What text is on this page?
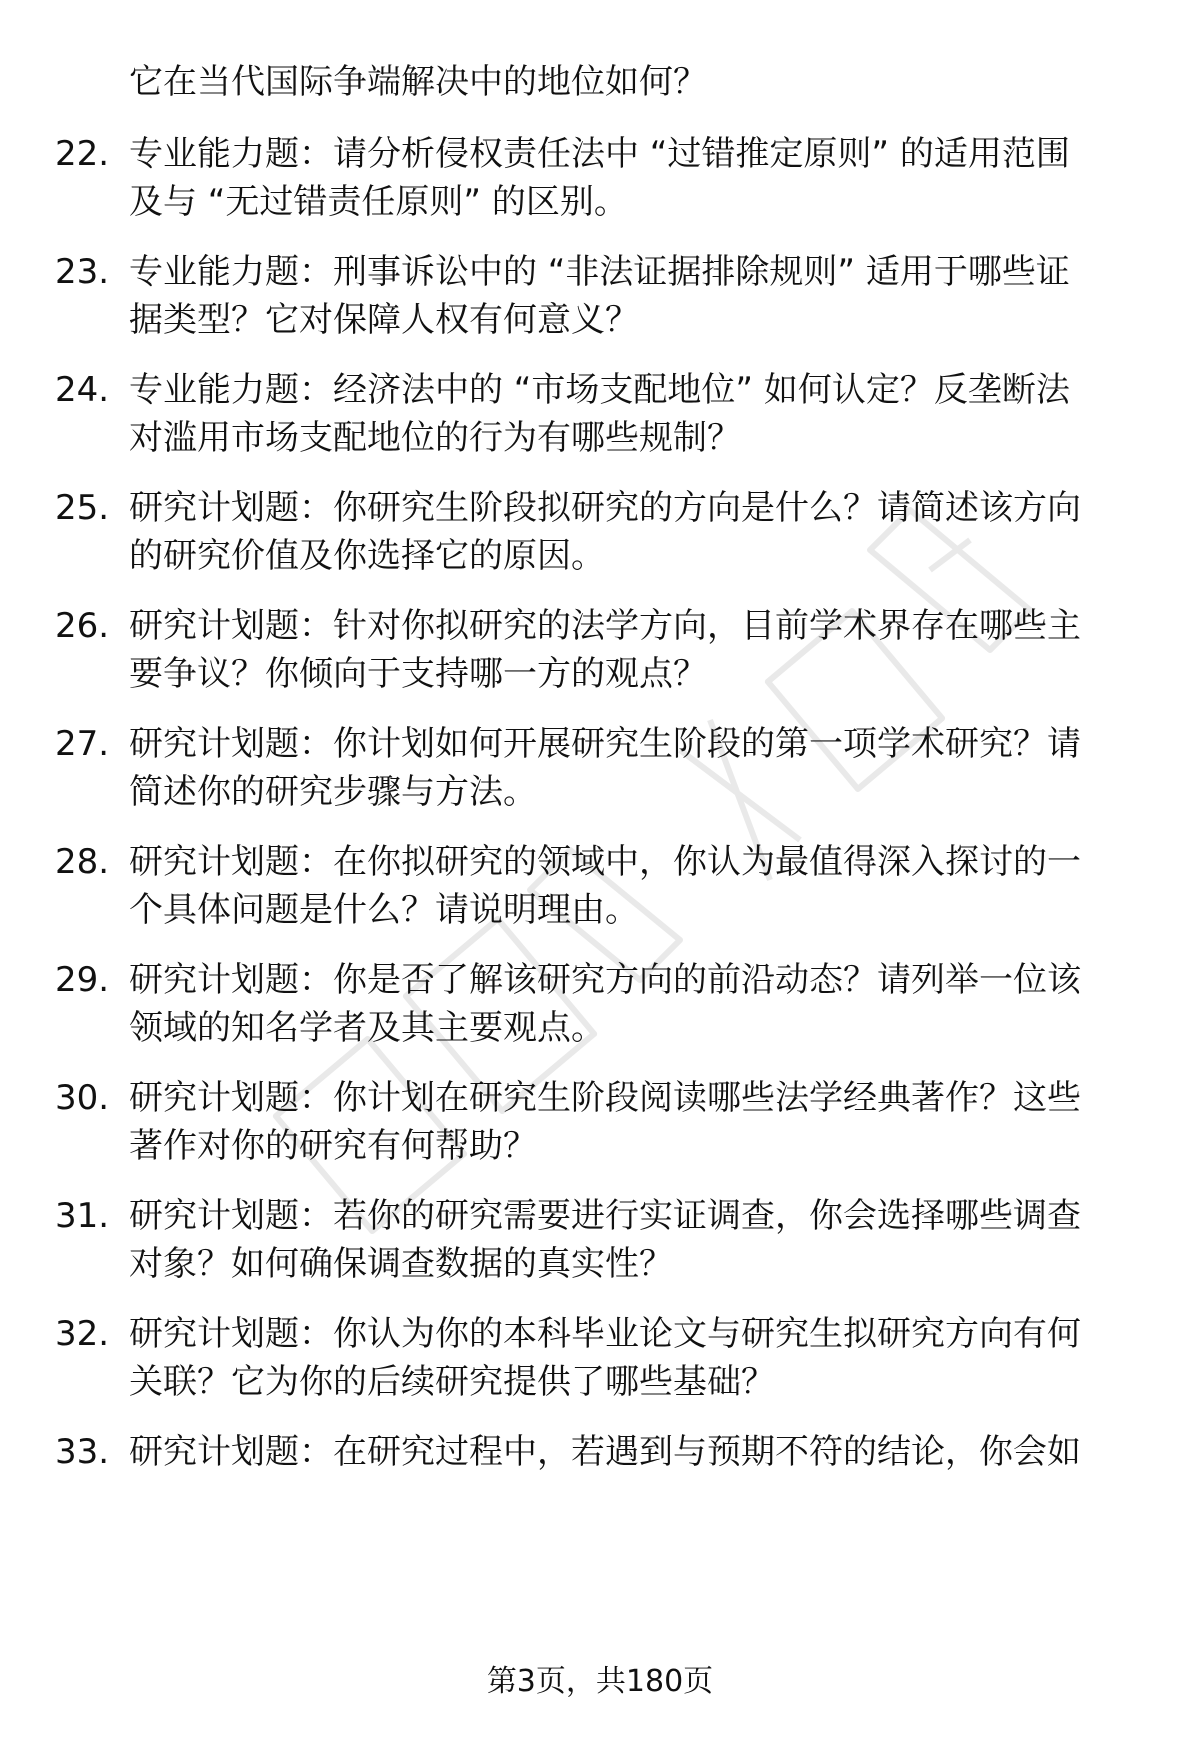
它在当代国际争端解决中的地位如何？
22. 专业能力题：请分析侵权责任法中 “过错推定原则” 的适用范围
及与 “无过错责任原则” 的区别。
23. 专业能力题：刑事诉讼中的 “非法证据排除规则” 适用于哪些证
据类型？它对保障人权有何意义？
24. 专业能力题：经济法中的 “市场支配地位” 如何认定？反垄断法
对滥用市场支配地位的行为有哪些规制？
25. 研究计划题：你研究生阶段拟研究的方向是什么？请简述该方向
的研究价值及你选择它的原因。
26. 研究计划题：针对你拟研究的法学方向，目前学术界存在哪些主
要争议？你倾向于支持哪一方的观点？
27. 研究计划题：你计划如何开展研究生阶段的第一项学术研究？请
简述你的研究步骤与方法。
28. 研究计划题：在你拟研究的领域中，你认为最值得深入探讨的一
个具体问题是什么？请说明理由。
29. 研究计划题：你是否了解该研究方向的前沿动态？请列举一位该
领域的知名学者及其主要观点。
30. 研究计划题：你计划在研究生阶段阅读哪些法学经典著作？这些
著作对你的研究有何帮助？
31. 研究计划题：若你的研究需要进行实证调查，你会选择哪些调查
对象？如何确保调查数据的真实性？
32. 研究计划题：你认为你的本科毕业论文与研究生拟研究方向有何
关联？它为你的后续研究提供了哪些基础？
33. 研究计划题：在研究过程中，若遇到与预期不符的结论，你会如
第3页，共180页
